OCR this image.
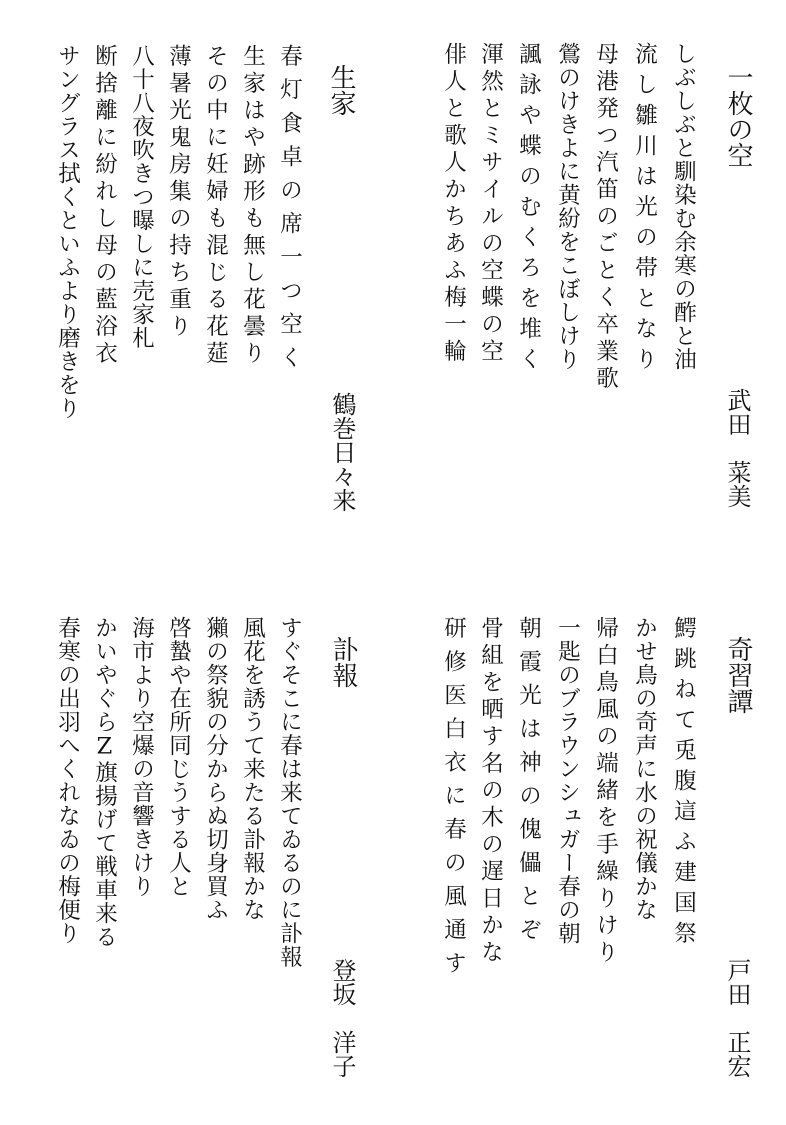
一枚の空
武田　菜美
しぶしぶと馴染む余寒の酢と油
流し雛川は光の帯となり
母港発つ汽笛のごとく卒業歌
鶯のけきよに黄紛をこぼしけり
諷詠や蝶のむくろを堆く
渾然とミサイルの空蝶の空
俳人と歌人かちあふ梅一輪
生家
鶴巻日々来
春灯食卓の席一つ空く
生家はや跡形も無し花曇り
その中に妊婦も混じる花莚
薄暑光鬼房集の持ち重り
八十八夜吹きつ曝しに売家札
断捨離に紛れし母の藍浴衣
サングラス拭くといふより磨きをり
奇習譚
戸田　正宏
鰐跳ねて兎腹這ふ建国祭
かせ鳥の奇声に水の祝儀かな
帰白鳥風の端緒を手繰りけり
一匙のブラウンシュガー春の朝
朝霞光は神の傀儡とぞ
骨組を晒す名の木の遅日かな
研修医白衣に春の風通す
訃報
登坂　洋子
すぐそこに春は来てゐるのに訃報
風花を誘うて来たる訃報かな
獺の祭貌の分からぬ切身買ふ
啓蟄や在所同じうする人と
海市より空爆の音響きけり
かいやぐらZ旗揚げて戦車来る
春寒の出羽へくれなゐの梅便り
